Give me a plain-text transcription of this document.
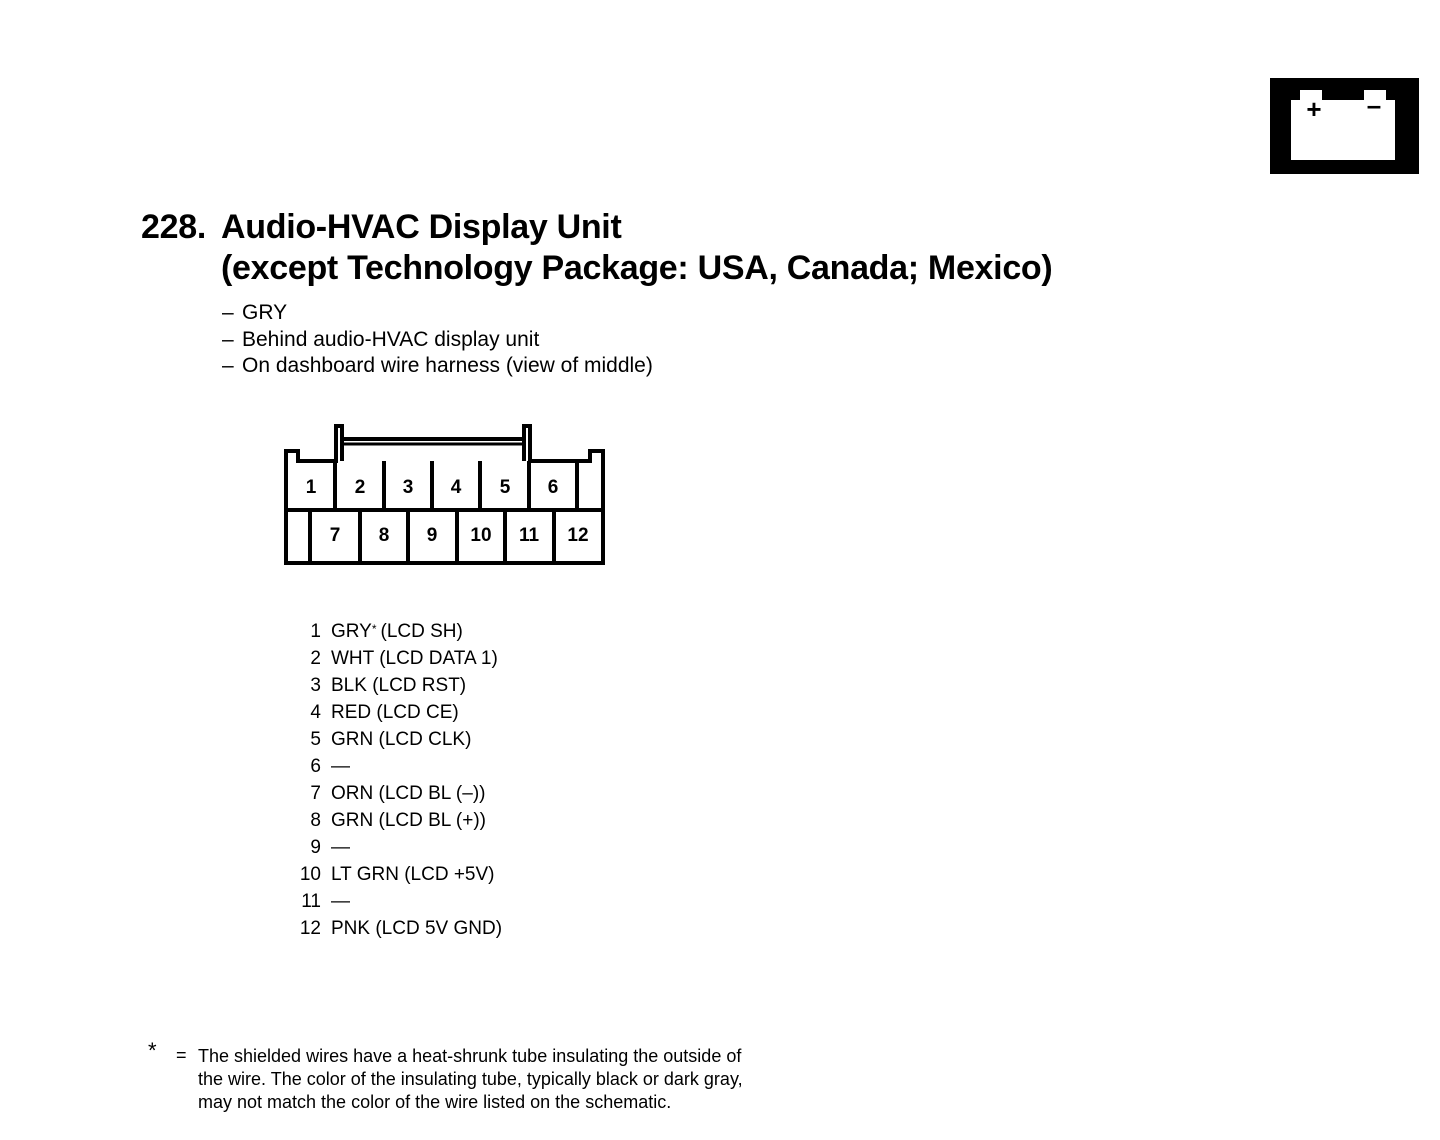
+ –
228. Audio-HVAC Display Unit
(except Technology Package: USA, Canada; Mexico)
– GRY
– Behind audio-HVAC display unit
– On dashboard wire harness (view of middle)
1 2 3 4 5 6
7 8 9 10 11 12
1 GRY * (LCD SH)
2 WHT (LCD DATA 1)
3 BLK (LCD RST)
4 RED (LCD CE)
5 GRN (LCD CLK)
6 —
7 ORN (LCD BL (–))
8 GRN (LCD BL (+))
9 —
10 LT GRN (LCD +5V)
11 —
12 PNK (LCD 5V GND)
* = The shielded wires have a heat-shrunk tube insulating the outside of the wire. The color of the insulating tube, typically black or dark gray, may not match the color of the wire listed on the schematic.
